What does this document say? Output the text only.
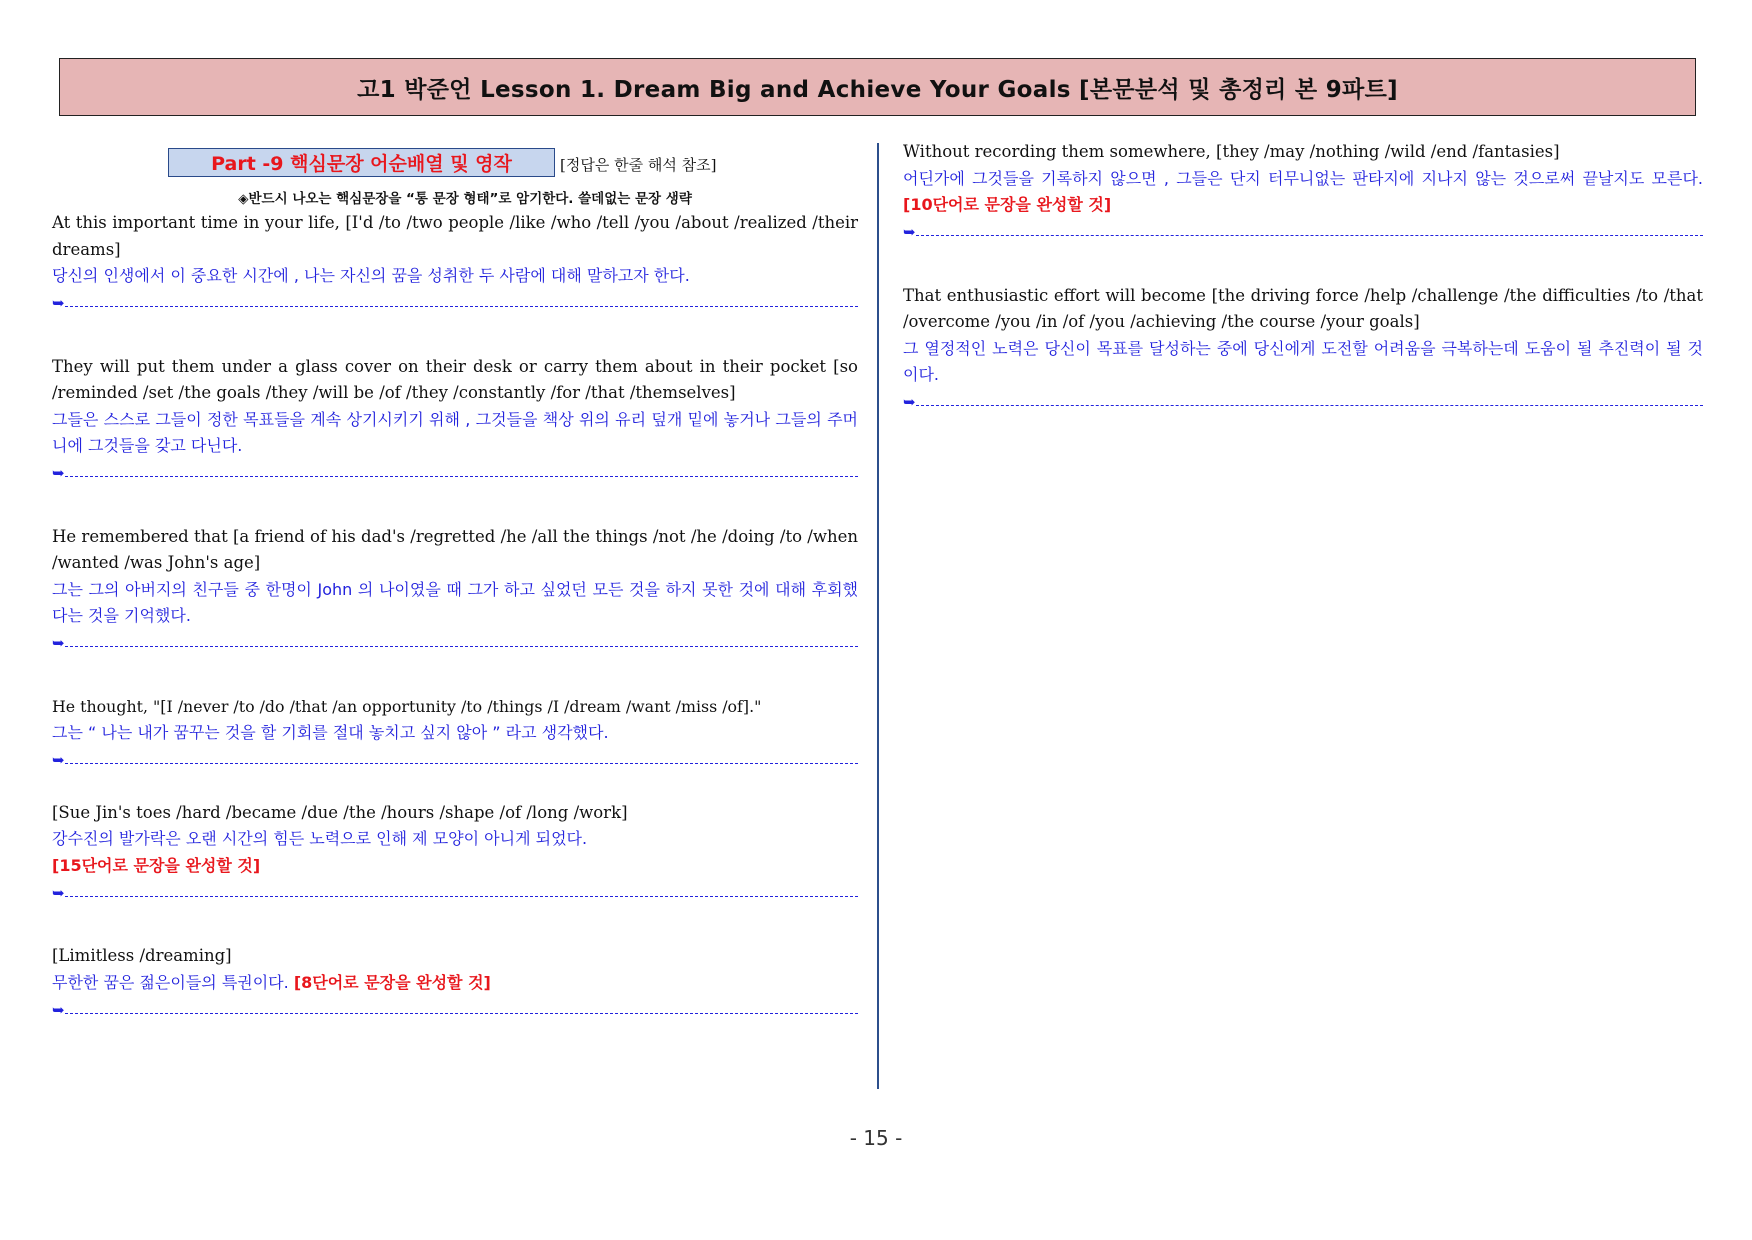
고1 박준언 Lesson 1. Dream Big and Achieve Your Goals [본문분석 및 총정리 본 9파트]
Part -9 핵심문장 어순배열 및 영작	[정답은 한줄 해석 참조]
◈반드시 나오는 핵심문장을 “통 문장 형태”로 암기한다. 쓸데없는 문장 생략

At this important time in your life, [I'd /to /two people /like /who /tell /you /about /realized /their dreams]

당신의 인생에서 이 중요한 시간에 , 나는 자신의 꿈을 성취한 두 사람에 대해 말하고자 한다.

➥

They will put them under a glass cover on their desk or carry them about in their pocket [so /reminded /set /the goals /they /will be /of /they /constantly /for /that /themselves]

그들은 스스로 그들이 정한 목표들을 계속 상기시키기 위해 , 그것들을 책상 위의 유리 덮개 밑에 놓거나 그들의 주머니에 그것들을 갖고 다닌다.

➥

He remembered that [a friend of his dad's /regretted /he /all the things /not /he /doing /to /when /wanted /was John's age]

그는 그의 아버지의 친구들 중 한명이 John 의 나이였을 때 그가 하고 싶었던 모든 것을 하지 못한 것에 대해 후회했다는 것을 기억했다.

➥

He thought, "[I /never /to /do /that /an opportunity /to /things /I /dream /want /miss /of]."

그는 “ 나는 내가 꿈꾸는 것을 할 기회를 절대 놓치고 싶지 않아 ” 라고 생각했다.

➥

[Sue Jin's toes /hard /became /due /the /hours /shape /of /long /work]

강수진의 발가락은 오랜 시간의 힘든 노력으로 인해 제 모양이 아니게 되었다.

[15단어로 문장을 완성할 것]

➥

[Limitless /dreaming]

무한한 꿈은 젊은이들의 특권이다. [8단어로 문장을 완성할 것]

➥

Without recording them somewhere, [they /may /nothing /wild /end /fantasies]

어딘가에 그것들을 기록하지 않으면 , 그들은 단지 터무니없는 판타지에 지나지 않는 것으로써 끝날지도 모른다. [10단어로 문장을 완성할 것]

➥

That enthusiastic effort will become [the driving force /help /challenge /the difficulties /to /that /overcome /you /in /of /you /achieving /the course /your goals]

그 열정적인 노력은 당신이 목표를 달성하는 중에 당신에게 도전할 어려움을 극복하는데 도움이 될 추진력이 될 것이다.

➥
- 15 -
